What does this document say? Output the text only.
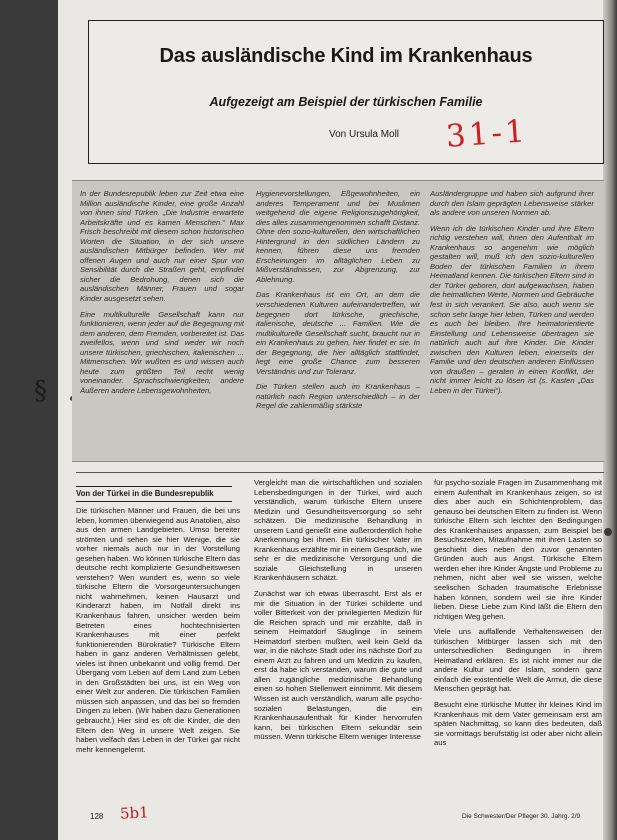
§
Das ausländische Kind im Krankenhaus
Aufgezeigt am Beispiel der türkischen Familie
Von Ursula Moll 31-1

In der Bundesrepublik leben zur Zeit etwa eine Million ausländische Kinder, eine große Anzahl von ihnen sind Türken. „Die Industrie erwartete Arbeitskräfte und es kamen Menschen.“ Max Frisch beschreibt mit diesem schon historischen Worten die Situation, in der sich unsere ausländischen Mitbürger befinden. Wer mit offenen Augen und auch nur einer Spur von Sensibilität durch die Straßen geht, empfindet sicher die Bedrohung, denen sich die ausländischen Männer, Frauen und sogar Kinder ausgesetzt sehen.

Eine multikulturelle Gesellschaft kann nur funktionieren, wenn jeder auf die Begegnung mit dem anderen, dem Fremden, vorbereitet ist. Das zweifellos, wenn und sind weder wir noch unsere türkischen, griechischen, italienischen ... Mitmenschen. Wir wußten es und wissen auch heute zum größten Teil recht wenig voneinander. Sprachschwierigkeiten, andere Äußeren andere Lebensgewohnheiten,

Hygienevorstellungen, Eßgewohnheiten, ein anderes Temperament und bei Muslimen weitgehend die eigene Religionszugehörigkeit, dies alles zusammengenommen schafft Distanz. Ohne den sozio-kulturellen, den wirtschaftlichen Hintergrund in den südlichen Ländern zu kennen, führen diese uns fremden Erscheinungen im alltäglichen Leben zu Mißverständnissen, zur Abgrenzung, zur Ablehnung.

Das Krankenhaus ist ein Ort, an dem die verschiedenen Kulturen aufeinandertreffen, wir begegnen dort türkische, griechische, italienische, deutsche ... Familien. Wie die multikulturelle Gesellschaft sucht, braucht nur in ein Krankenhaus zu gehen, hier findet er sie. In der Begegnung, die hier alltäglich stattfindet, liegt eine große Chance zum besseren Verständnis und zur Toleranz.

Die Türken stellen auch im Krankenhaus – natürlich nach Region unterschiedlich – in der Regel die zahlenmäßig stärkste

Ausländergruppe und haben sich aufgrund ihrer durch den Islam geprägten Lebensweise stärker als andere von unseren Normen ab.

Wenn ich die türkischen Kinder und ihre Eltern richtig verstehen will, ihnen den Aufenthalt im Krankenhaus so angenehm wie möglich gestalten will, muß ich den sozio-kulturellen Boden der türkischen Familien in ihrem Heimatland kennen. Die türkischen Eltern sind in der Türkei geboren, dort aufgewachsen, haben die heimatlichen Werte, Normen und Gebräuche fest in sich verankert. Sie also, auch wenn sie schon sehr lange hier leben, Türken und werden es auch bei bleiben. Ihre heimatorientierte Einstellung und Lebensweise übertragen sie natürlich auch auf ihre Kinder. Die Kinder zwischen den Kulturen leben, einerseits der Familie und den deutschen anderen Einflüssen von draußen – geraten in einen Konflikt, der nicht immer leicht zu lösen ist (s. Kasten „Das Leben in der Türkei“).

Von der Türkei in die Bundesrepublik

Die türkischen Männer und Frauen, die bei uns leben, kommen überwiegend aus Anatolien, also aus den armen Landgebieten. Umso bereiter strömten und sehen sie hier Wenige, die sie vorher niemals auch nur in der Vorstellung gesehen haben. Wo können türkische Eltern das deutsche recht komplizierte Gesundheitswesen verstehen? Wen wundert es, wenn so viele türkische Eltern die Vorsorgeuntersuchungen nicht wahrnehmen, keinen Hausarzt und Kinderarzt haben, im Notfall direkt ins Krankenhaus fahren, unsicher werden beim Betreten eines hochtechnisierten Krankenhauses mit einer perfekt funktionierenden Bürokratie? Türkische Eltern haben in ganz anderen Verhältnissen gelebt, vieles ist ihnen unbekannt und völlig fremd. Der Übergang vom Leben auf dem Land zum Leben in den Großstädten bei uns, ist ein Weg von einer Welt zur anderen. Die türkischen Familien müssen sich anpassen, und das bei so fremden Dingen zu leben. (Wir haben dazu Generationen gebraucht.) Hier sind es oft die Kinder, die den Eltern den Weg in unsere Welt zeigen. Sie haben vielfach das Leben in der Türkei gar nicht mehr kennengelernt.

Vergleicht man die wirtschaftlichen und sozialen Lebensbedingungen in der Türkei, wird auch verständlich, warum türkische Eltern unsere Medizin und Gesundheitsversorgung so sehr schätzen. Die medizinische Behandlung in unserem Land genießt eine außerordentlich hohe Anerkennung bei ihnen. Ein türkischer Vater im Krankenhaus erzählte mir in einem Gespräch, wie sehr er die medizinische Versorgung und die soziale Gleichstellung in unseren Krankenhäusern schätzt.

Zunächst war ich etwas überrascht. Erst als er mir die Situation in der Türkei schilderte und voller Bitterkeit von der privilegierten Medizin für die Reichen sprach und mir erzählte, daß in seinem Heimatdorf Säuglinge in seinem Heimatdorf sterben mußten, weil kein Geld da war, in die nächste Stadt oder ins nächste Dorf zu einem Arzt zu fahren und um Medizin zu kaufen, erst da habe ich verstanden, warum die gute und allen zugängliche medizinische Behandlung einen so hohen Stellenwert einnimmt. Mit diesem Wissen ist auch verständlich, warum alle psycho-sozialen Belastungen, die ein Krankenhausaufenthalt für Kinder hervorrufen kann, bei türkischen Eltern sekundär sein müssen. Wenn türkische Eltern weniger Interesse

für psycho-soziale Fragen im Zusammenhang mit einem Aufenthalt im Krankenhaus zeigen, so ist dies aber auch ein Schichtenproblem, das genauso bei deutschen Eltern zu finden ist. Wenn türkische Eltern sich leichter den Bedingungen des Krankenhauses anpassen, zum Beispiel bei Besuchszeiten, Mitaufnahme mit ihren Lasten so geschieht dies neben den zuvor genannten Gründen auch aus Angst. Türkische Eltern werden eher ihre Kinder Ängste und Probleme zu nehmen, nicht aber weil sie wissen, welche seelischen Schaden traumatische Erlebnisse haben können, sondern weil sie ihre Kinder lieben. Diese Liebe zum Kind läßt die Eltern den richtigen Weg gehen.

Viele uns auffallende Verhaltensweisen der türkischen Mitbürger lassen sich mit den unterschiedlichen Bedingungen in ihrem Heimatland erklären. Es ist nicht immer nur die andere Kultur und der Islam, sondern ganz einfach die existentielle Welt die Armut, die diese Menschen geprägt hat.

Besucht eine türkische Mutter ihr kleines Kind im Krankenhaus mit dem Vater gemeinsam erst am späten Nachmittag, so kann dies bedeuten, daß sie vormittags berufstätig ist oder aber nicht allein aus

128 5b1	Die Schwester/Der Pfleger 30. Jahrg. 2/9
